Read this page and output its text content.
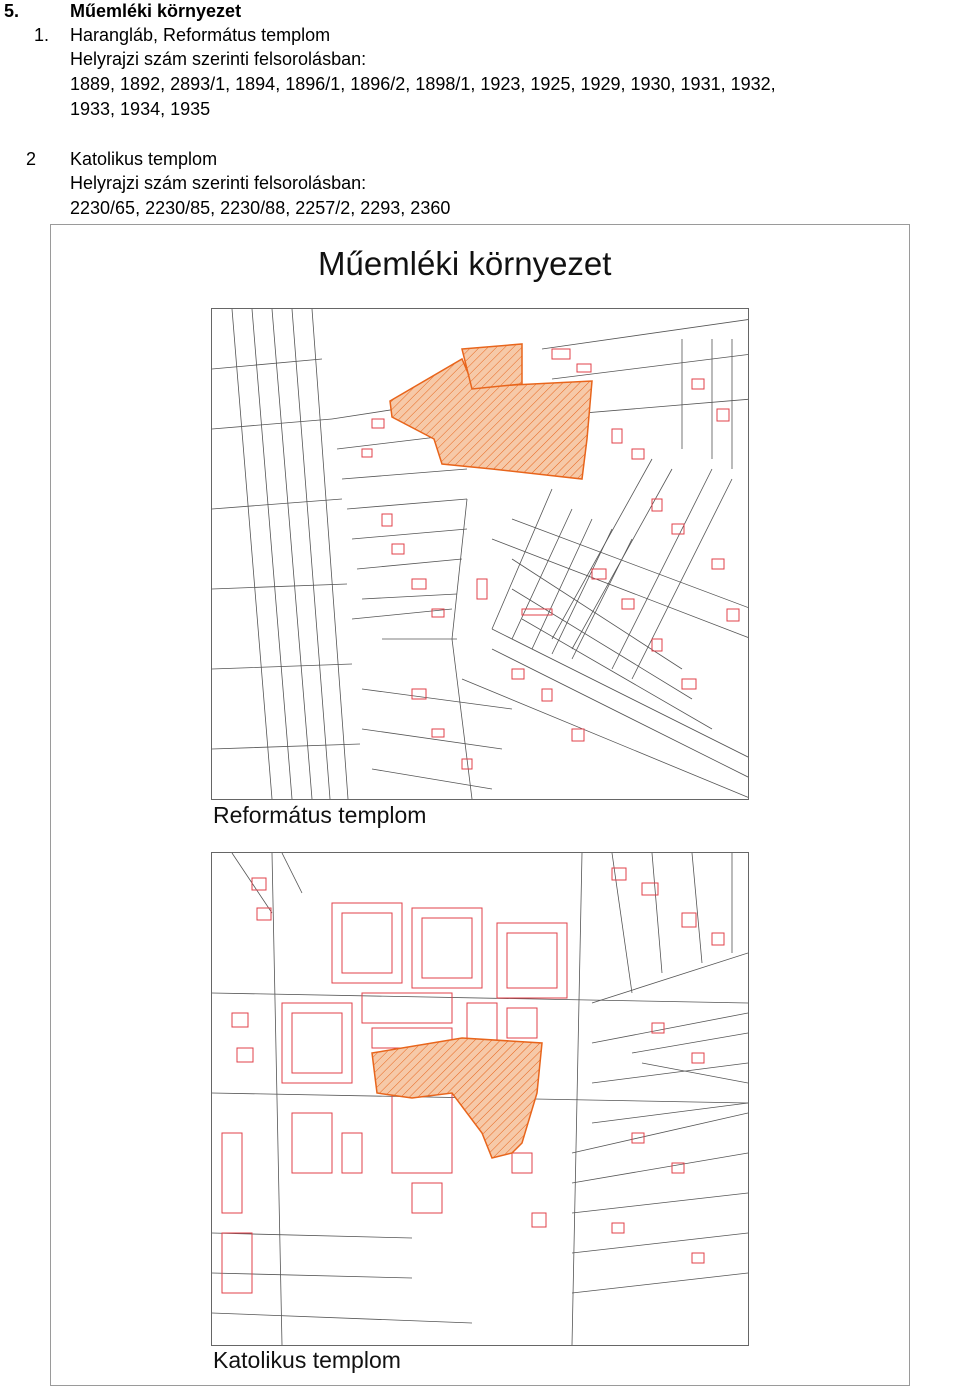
5.	Műemléki környezet
1. Harangláb, Református templom
Helyrajzi szám szerinti felsorolásban:
1889, 1892, 2893/1, 1894, 1896/1, 1896/2, 1898/1, 1923, 1925, 1929, 1930, 1931, 1932,
1933, 1934, 1935
2 Katolikus templom
Helyrajzi szám szerinti felsorolásban:
2230/65, 2230/85, 2230/88, 2257/2, 2293, 2360
Műemléki környezet
Református templom
Katolikus templom
